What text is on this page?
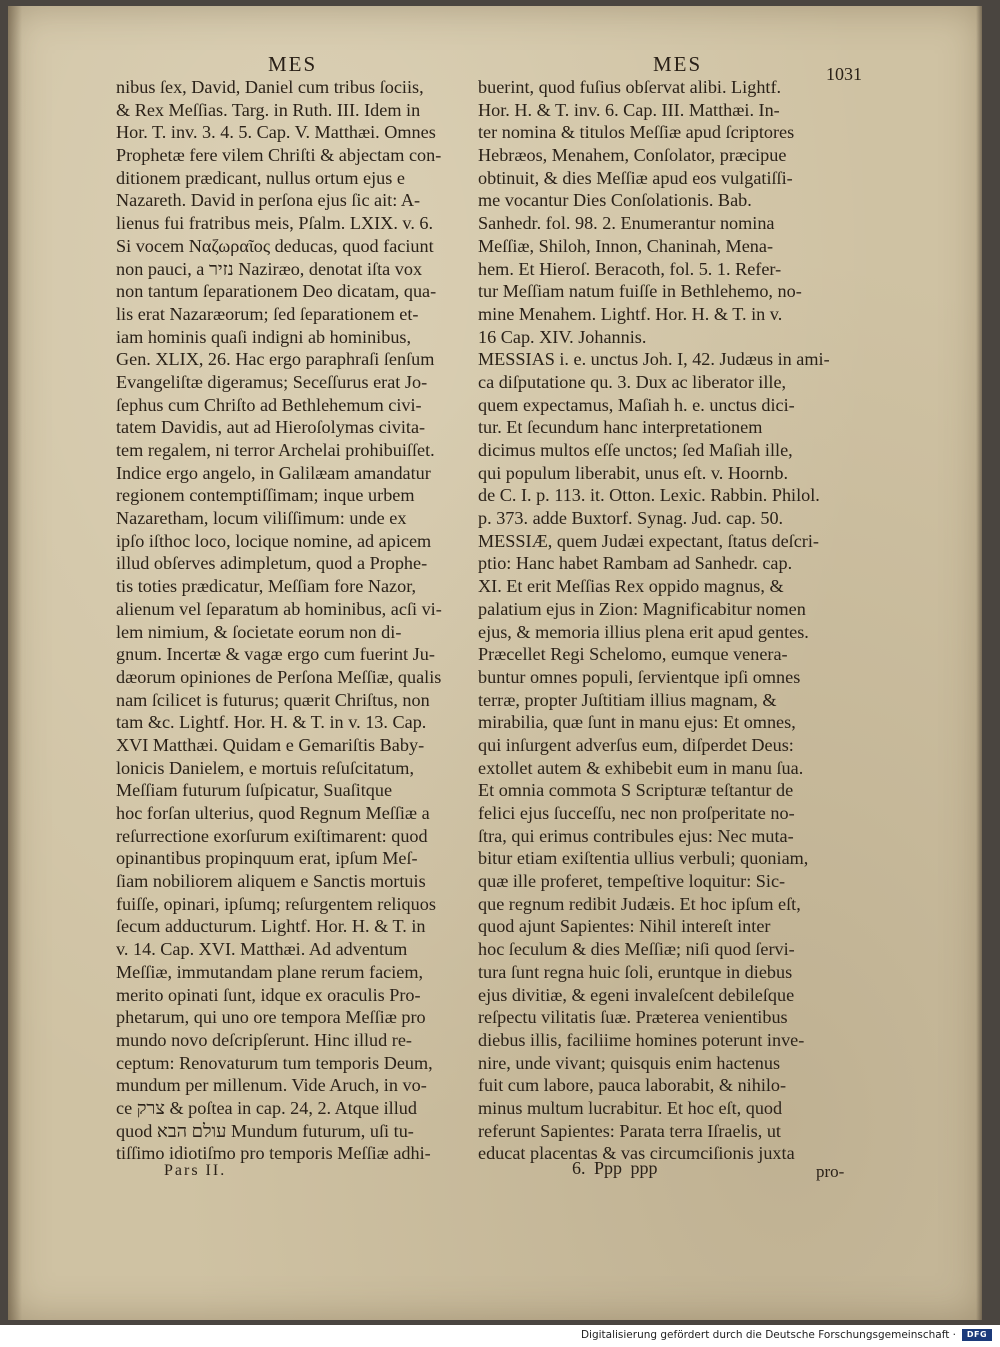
MES	MES	1031
nibus ſex, David, Daniel cum tribus ſociis,
& Rex Meſſias. Targ. in Ruth. III. Idem in
Hor. T. inv. 3. 4. 5. Cap. V. Matthæi. Omnes
Prophetæ fere vilem Chriſti & abjectam con-
ditionem prædicant, nullus ortum ejus e
Nazareth. David in perſona ejus ſic ait: A-
lienus fui fratribus meis, Pſalm. LXIX. v. 6.
Si vocem Ναζωραῖος deducas, quod faciunt
non pauci, a נזיר Naziræo, denotat iſta vox
non tantum ſeparationem Deo dicatam, qua-
lis erat Nazaræorum; ſed ſeparationem et-
iam hominis quaſi indigni ab hominibus,
Gen. XLIX, 26. Hac ergo paraphraſi ſenſum
Evangeliſtæ digeramus; Seceſſurus erat Jo-
ſephus cum Chriſto ad Bethlehemum civi-
tatem Davidis, aut ad Hieroſolymas civita-
tem regalem, ni terror Archelai prohibuiſſet.
Indice ergo angelo, in Galilæam amandatur
regionem contemptiſſimam; inque urbem
Nazaretham, locum viliſſimum: unde ex
ipſo iſthoc loco, locique nomine, ad apicem
illud obſerves adimpletum, quod a Prophe-
tis toties prædicatur, Meſſiam fore Nazor,
alienum vel ſeparatum ab hominibus, acſi vi-
lem nimium, & ſocietate eorum non di-
gnum. Incertæ & vagæ ergo cum fuerint Ju-
dæorum opiniones de Perſona Meſſiæ, qualis
nam ſcilicet is futurus; quærit Chriſtus, non
tam &c. Lightf. Hor. H. & T. in v. 13. Cap.
XVI Matthæi. Quidam e Gemariſtis Baby-
lonicis Danielem, e mortuis reſuſcitatum,
Meſſiam futurum ſuſpicatur, Suaſitque
hoc forſan ulterius, quod Regnum Meſſiæ a
reſurrectione exorſurum exiſtimarent: quod
opinantibus propinquum erat, ipſum Meſ-
ſiam nobiliorem aliquem e Sanctis mortuis
fuiſſe, opinari, ipſumq; reſurgentem reliquos
ſecum adducturum. Lightf. Hor. H. & T. in
v. 14. Cap. XVI. Matthæi. Ad adventum
Meſſiæ, immutandam plane rerum faciem,
merito opinati ſunt, idque ex oraculis Pro-
phetarum, qui uno ore tempora Meſſiæ pro
mundo novo deſcripſerunt. Hinc illud re-
ceptum: Renovaturum tum temporis Deum,
mundum per millenum. Vide Aruch, in vo-
ce צרק & poſtea in cap. 24, 2. Atque illud
quod עולם הבא Mundum futurum, uſi tu-
tiſſimo idiotiſmo pro temporis Meſſiæ adhi-
buerint, quod fuſius obſervat alibi. Lightf.
Hor. H. & T. inv. 6. Cap. III. Matthæi. In-
ter nomina & titulos Meſſiæ apud ſcriptores
Hebræos, Menahem, Conſolator, præcipue
obtinuit, & dies Meſſiæ apud eos vulgatiſſi-
me vocantur Dies Conſolationis. Bab.
Sanhedr. fol. 98. 2. Enumerantur nomina
Meſſiæ, Shiloh, Innon, Chaninah, Mena-
hem. Et Hieroſ. Beracoth, fol. 5. 1. Refer-
tur Meſſiam natum fuiſſe in Bethlehemo, no-
mine Menahem. Lightf. Hor. H. & T. in v.
16 Cap. XIV. Johannis.
MESSIAS i. e. unctus Joh. I, 42. Judæus in ami-
ca diſputatione qu. 3. Dux ac liberator ille,
quem expectamus, Maſiah h. e. unctus dici-
tur. Et ſecundum hanc interpretationem
dicimus multos eſſe unctos; ſed Maſiah ille,
qui populum liberabit, unus eſt. v. Hoornb.
de C. I. p. 113. it. Otton. Lexic. Rabbin. Philol.
p. 373. adde Buxtorf. Synag. Jud. cap. 50.
MESSIÆ, quem Judæi expectant, ſtatus deſcri-
ptio: Hanc habet Rambam ad Sanhedr. cap.
XI. Et erit Meſſias Rex oppido magnus, &
palatium ejus in Zion: Magnificabitur nomen
ejus, & memoria illius plena erit apud gentes.
Præcellet Regi Schelomo, eumque venera-
buntur omnes populi, ſervientque ipſi omnes
terræ, propter Juſtitiam illius magnam, &
mirabilia, quæ ſunt in manu ejus: Et omnes,
qui inſurgent adverſus eum, diſperdet Deus:
extollet autem & exhibebit eum in manu ſua.
Et omnia commota S Scripturæ teſtantur de
felici ejus ſucceſſu, nec non proſperitate no-
ſtra, qui erimus contribules ejus: Nec muta-
bitur etiam exiſtentia ullius verbuli; quoniam,
quæ ille proferet, tempeſtive loquitur: Sic-
que regnum redibit Judæis. Et hoc ipſum eſt,
quod ajunt Sapientes: Nihil intereſt inter
hoc ſeculum & dies Meſſiæ; niſi quod ſervi-
tura ſunt regna huic ſoli, eruntque in diebus
ejus divitiæ, & egeni invaleſcent debileſque
reſpectu vilitatis ſuæ. Præterea venientibus
diebus illis, faciliime homines poterunt inve-
nire, unde vivant; quisquis enim hactenus
fuit cum labore, pauca laborabit, & nihilo-
minus multum lucrabitur. Et hoc eſt, quod
referunt Sapientes: Parata terra Iſraelis, ut
educat placentas & vas circumciſionis juxta
Pars II.	6. Ppp ppp	pro-
Digitalisierung gefördert durch die Deutsche Forschungsgemeinschaft ·	DFG
